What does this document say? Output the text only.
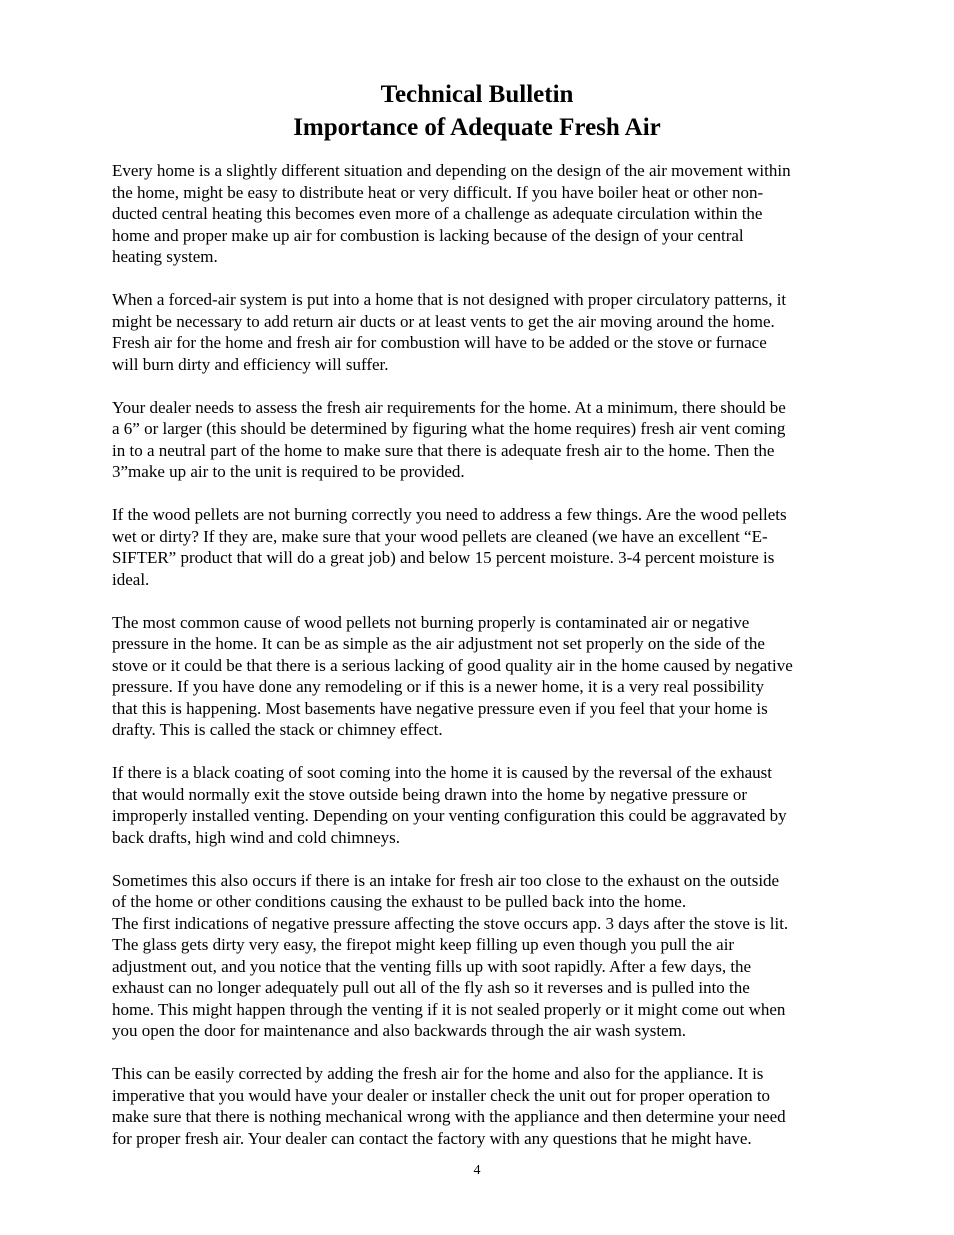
Technical Bulletin
Importance of Adequate Fresh Air

Every home is a slightly different situation and depending on the design of the air movement within
the home, might be easy to distribute heat or very difficult. If you have boiler heat or other non-
ducted central heating this becomes even more of a challenge as adequate circulation within the
home and proper make up air for combustion is lacking because of the design of your central
heating system.

When a forced-air system is put into a home that is not designed with proper circulatory patterns, it
might be necessary to add return air ducts or at least vents to get the air moving around the home.
Fresh air for the home and fresh air for combustion will have to be added or the stove or furnace
will burn dirty and efficiency will suffer.

Your dealer needs to assess the fresh air requirements for the home. At a minimum, there should be
a 6” or larger (this should be determined by figuring what the home requires) fresh air vent coming
in to a neutral part of the home to make sure that there is adequate fresh air to the home. Then the
3”make up air to the unit is required to be provided.

If the wood pellets are not burning correctly you need to address a few things. Are the wood pellets
wet or dirty? If they are, make sure that your wood pellets are cleaned (we have an excellent “E-
SIFTER” product that will do a great job) and below 15 percent moisture. 3-4 percent moisture is
ideal.

The most common cause of wood pellets not burning properly is contaminated air or negative
pressure in the home. It can be as simple as the air adjustment not set properly on the side of the
stove or it could be that there is a serious lacking of good quality air in the home caused by negative
pressure. If you have done any remodeling or if this is a newer home, it is a very real possibility
that this is happening. Most basements have negative pressure even if you feel that your home is
drafty. This is called the stack or chimney effect.

If there is a black coating of soot coming into the home it is caused by the reversal of the exhaust
that would normally exit the stove outside being drawn into the home by negative pressure or
improperly installed venting. Depending on your venting configuration this could be aggravated by
back drafts, high wind and cold chimneys.

Sometimes this also occurs if there is an intake for fresh air too close to the exhaust on the outside
of the home or other conditions causing the exhaust to be pulled back into the home.

The first indications of negative pressure affecting the stove occurs app. 3 days after the stove is lit.
The glass gets dirty very easy, the firepot might keep filling up even though you pull the air
adjustment out, and you notice that the venting fills up with soot rapidly. After a few days, the
exhaust can no longer adequately pull out all of the fly ash so it reverses and is pulled into the
home. This might happen through the venting if it is not sealed properly or it might come out when
you open the door for maintenance and also backwards through the air wash system.

This can be easily corrected by adding the fresh air for the home and also for the appliance. It is
imperative that you would have your dealer or installer check the unit out for proper operation to
make sure that there is nothing mechanical wrong with the appliance and then determine your need
for proper fresh air. Your dealer can contact the factory with any questions that he might have.

4
